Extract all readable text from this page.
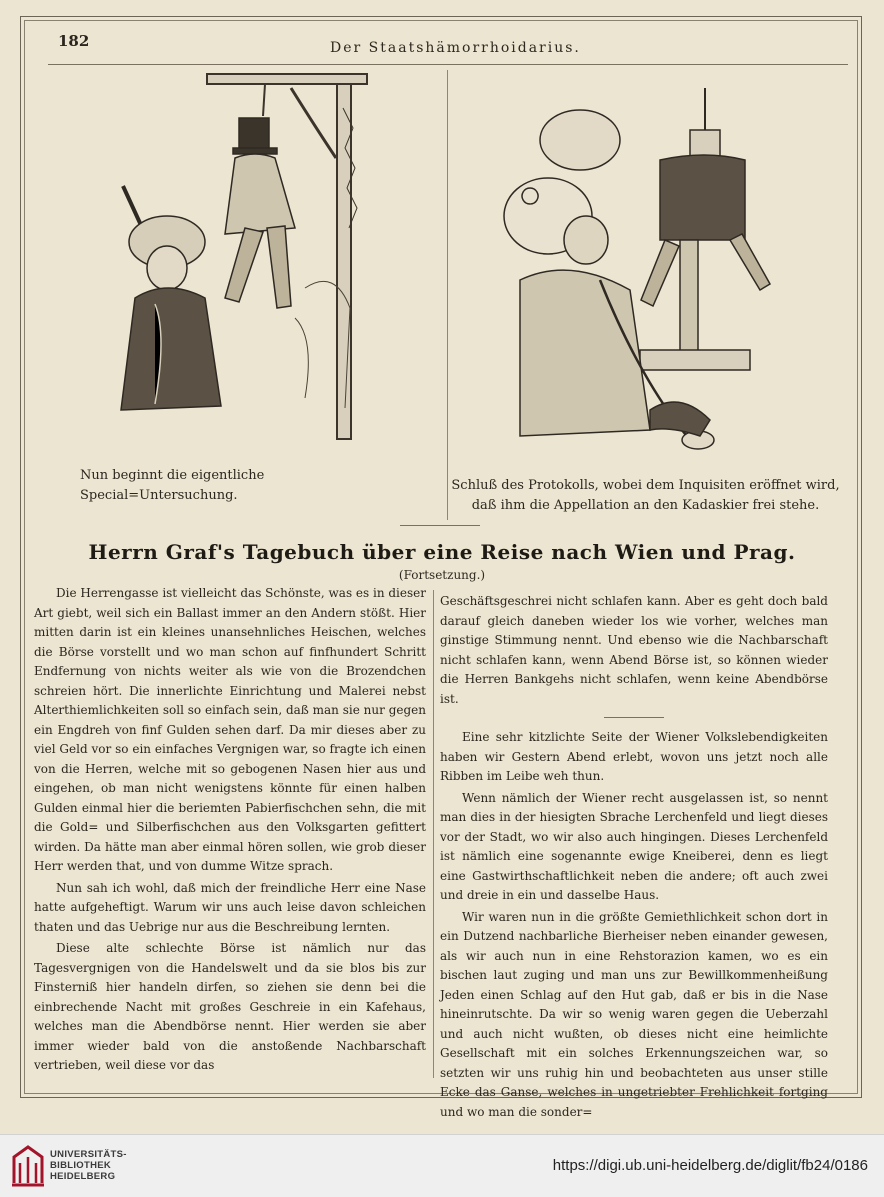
182	Der Staatshämorrhoidarius.
Nun beginnt die eigentliche Special=Untersuchung.
Schluß des Protokolls, wobei dem Inquisiten eröffnet wird, daß ihm die Appellation an den Kadaskier frei stehe.
Herrn Graf's Tagebuch über eine Reise nach Wien und Prag.
(Fortsetzung.)

Die Herrengasse ist vielleicht das Schönste, was es in dieser Art giebt, weil sich ein Ballast immer an den Andern stößt. Hier mitten darin ist ein kleines unansehnliches Heischen, welches die Börse vorstellt und wo man schon auf finfhundert Schritt Endfernung von nichts weiter als wie von die Brozendchen schreien hört. Die innerlichte Einrichtung und Malerei nebst Alterthiemlichkeiten soll so einfach sein, daß man sie nur gegen ein Engdreh von finf Gulden sehen darf. Da mir dieses aber zu viel Geld vor so ein einfaches Vergnigen war, so fragte ich einen von die Herren, welche mit so gebogenen Nasen hier aus und eingehen, ob man nicht wenigstens könnte für einen halben Gulden einmal hier die beriemten Pabierfischchen sehn, die mit die Gold= und Silberfischchen aus den Volksgarten gefittert wirden. Da hätte man aber einmal hören sollen, wie grob dieser Herr werden that, und von dumme Witze sprach.

Nun sah ich wohl, daß mich der freindliche Herr eine Nase hatte aufgeheftigt. Warum wir uns auch leise davon schleichen thaten und das Uebrige nur aus die Beschreibung lernten.

Diese alte schlechte Börse ist nämlich nur das Tagesvergnigen von die Handelswelt und da sie blos bis zur Finsterniß hier handeln dirfen, so ziehen sie denn bei die einbrechende Nacht mit großes Geschreie in ein Kafehaus, welches man die Abendbörse nennt. Hier werden sie aber immer wieder bald von die anstoßende Nachbarschaft vertrieben, weil diese vor das

Geschäftsgeschrei nicht schlafen kann. Aber es geht doch bald darauf gleich daneben wieder los wie vorher, welches man ginstige Stimmung nennt. Und ebenso wie die Nachbarschaft nicht schlafen kann, wenn Abend Börse ist, so können wieder die Herren Bankgehs nicht schlafen, wenn keine Abendbörse ist.

Eine sehr kitzlichte Seite der Wiener Volkslebendigkeiten haben wir Gestern Abend erlebt, wovon uns jetzt noch alle Ribben im Leibe weh thun.

Wenn nämlich der Wiener recht ausgelassen ist, so nennt man dies in der hiesigten Sbrache Lerchenfeld und liegt dieses vor der Stadt, wo wir also auch hingingen. Dieses Lerchenfeld ist nämlich eine sogenannte ewige Kneiberei, denn es liegt eine Gastwirthschaftlichkeit neben die andere; oft auch zwei und dreie in ein und dasselbe Haus.

Wir waren nun in die größte Gemiethlichkeit schon dort in ein Dutzend nachbarliche Bierheiser neben einander gewesen, als wir auch nun in eine Rehstorazion kamen, wo es ein bischen laut zuging und man uns zur Bewillkommenheißung Jeden einen Schlag auf den Hut gab, daß er bis in die Nase hineinrutschte. Da wir so wenig waren gegen die Ueberzahl und auch nicht wußten, ob dieses nicht eine heimlichte Gesellschaft mit ein solches Erkennungszeichen war, so setzten wir uns ruhig hin und beobachteten aus unser stille Ecke das Ganse, welches in ungetriebter Frehlichkeit fortging und wo man die sonder=

UNIVERSITÄTS-
BIBLIOTHEK
HEIDELBERG
https://digi.ub.uni-heidelberg.de/diglit/fb24/0186
